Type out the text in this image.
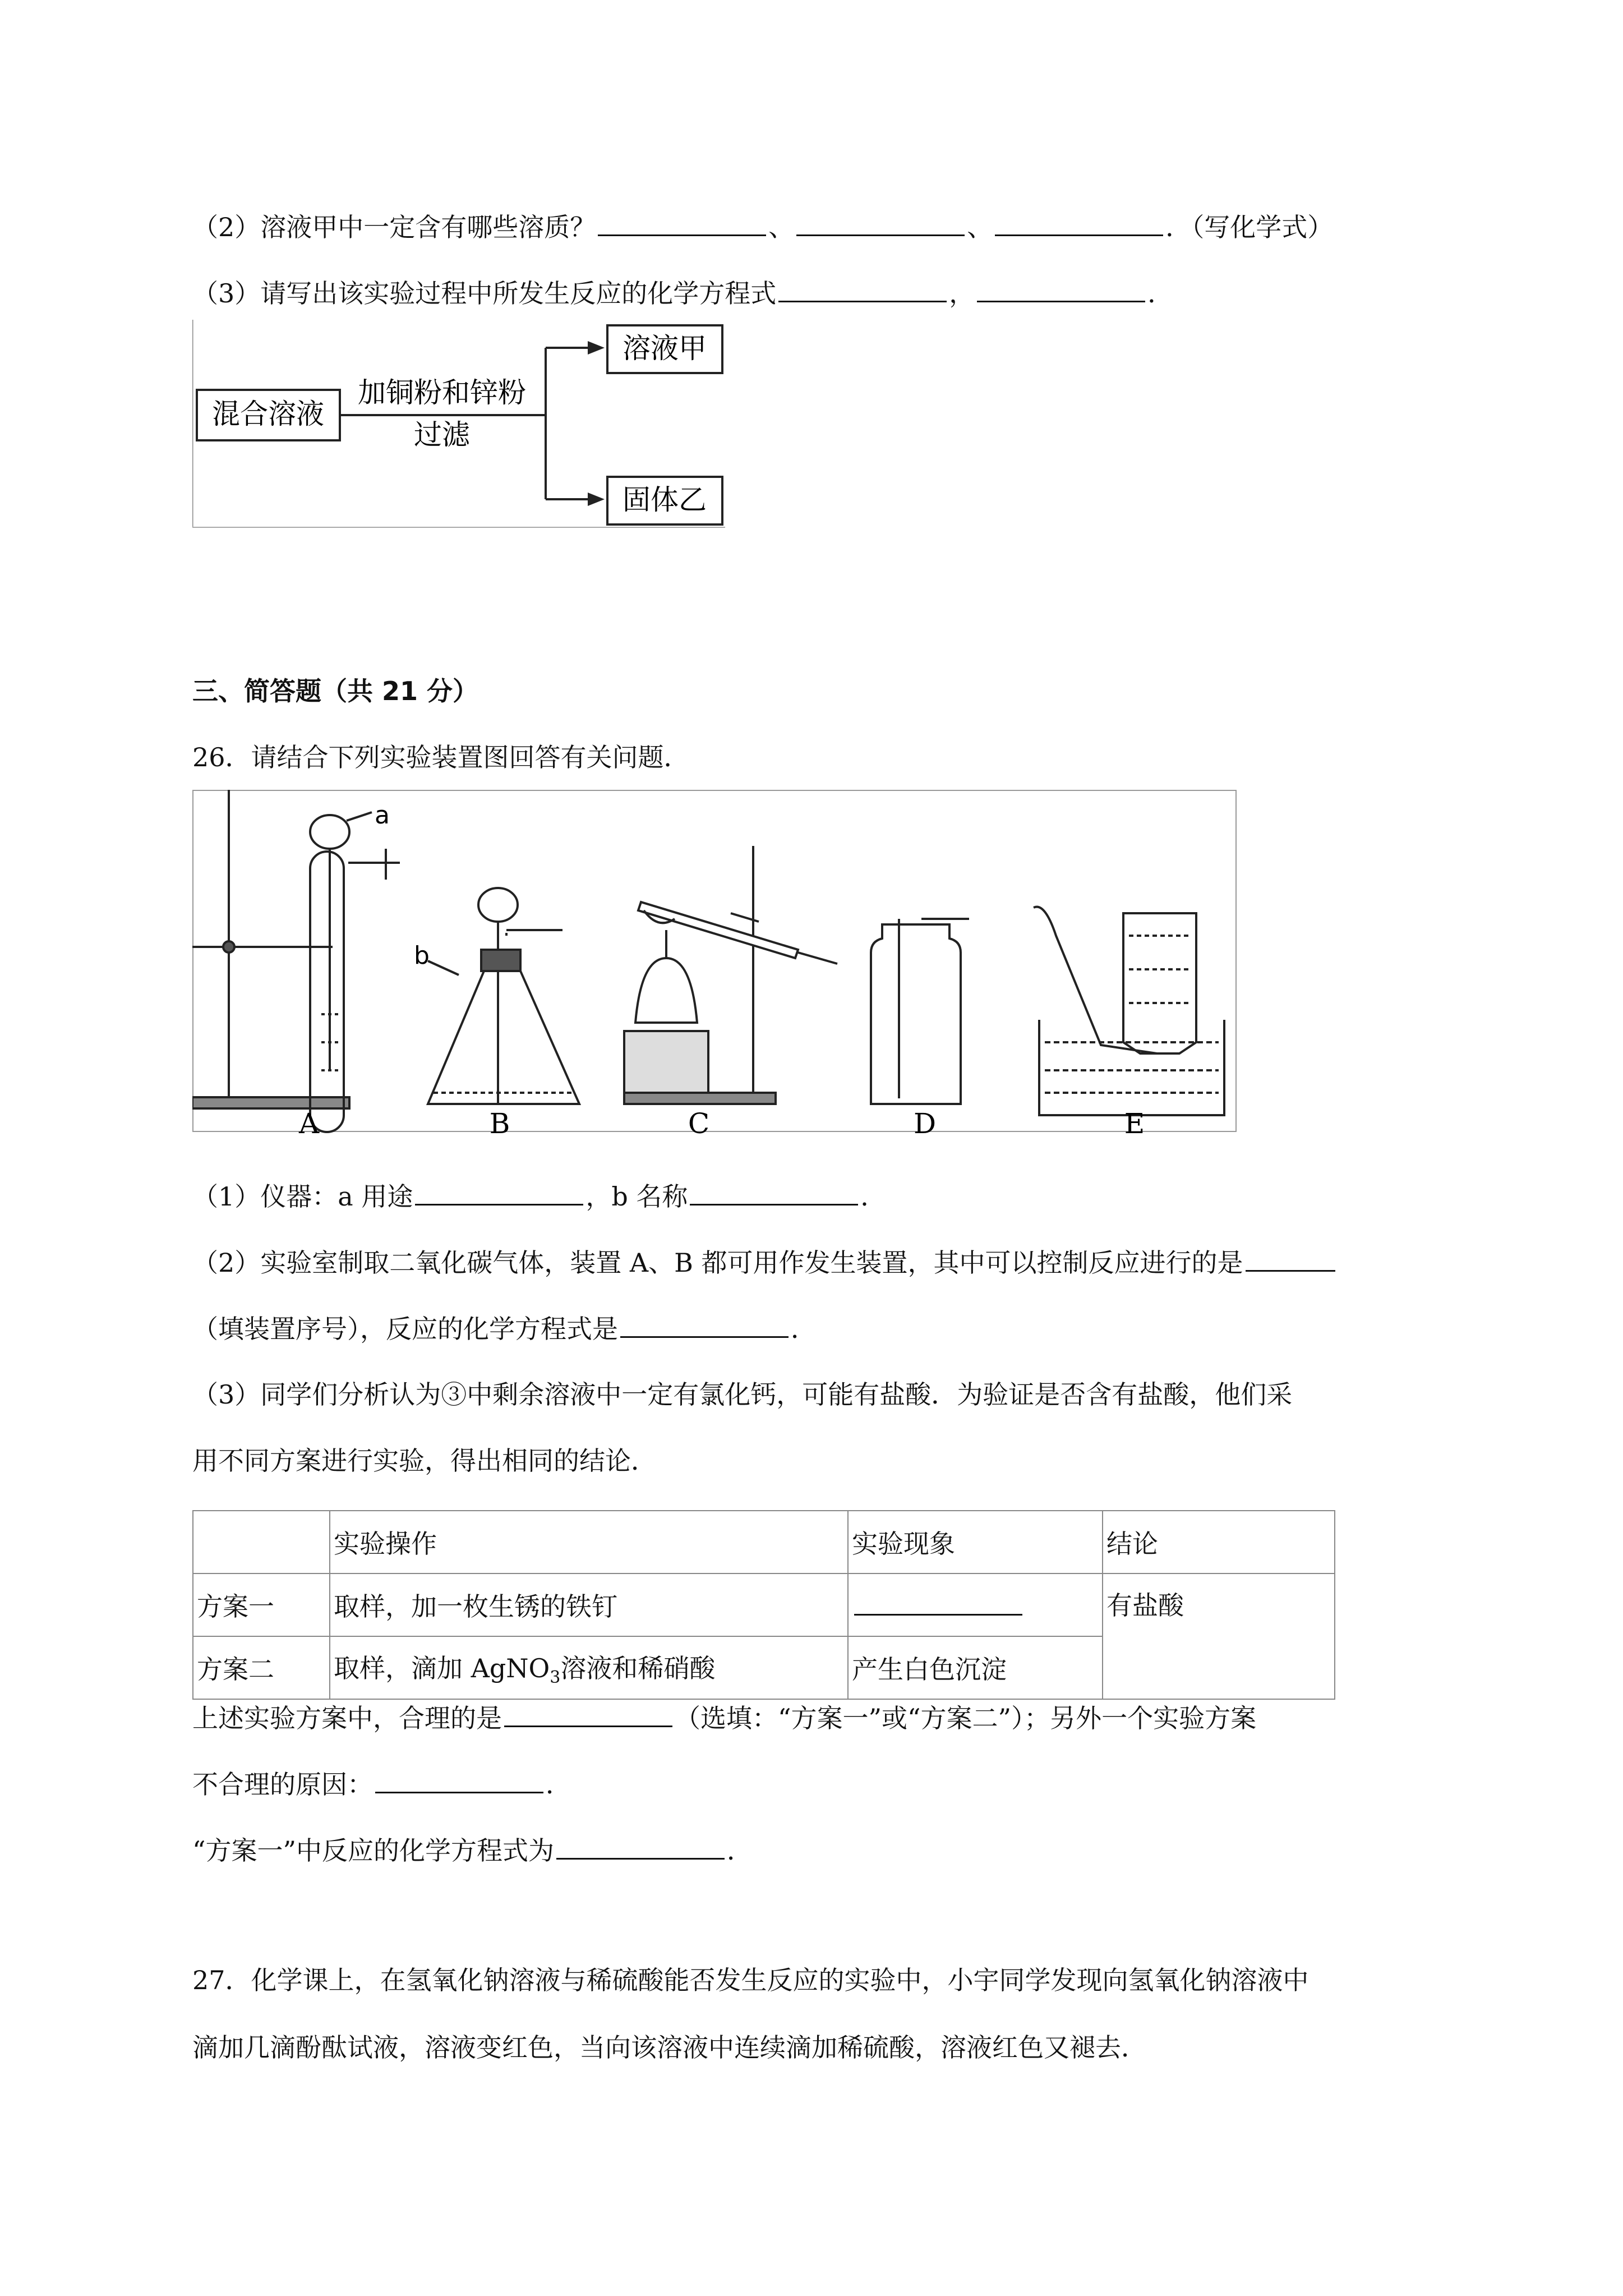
（2）溶液甲中一定含有哪些溶质？	、	、	．（写化学式）
（3）请写出该实验过程中所发生反应的化学方程式	，	．
混合溶液
加铜粉和锌粉
过滤
溶液甲
固体乙
三、简答题（共 21 分）
26．请结合下列实验装置图回答有关问题．
a
b
A	B	C	D	E
（1）仪器：a 用途	，b 名称	．
（2）实验室制取二氧化碳气体，装置 A、B 都可用作发生装置，其中可以控制反应进行的是
（填装置序号），反应的化学方程式是	．
（3）同学们分析认为③中剩余溶液中一定有氯化钙，可能有盐酸．为验证是否含有盐酸，他们采
用不同方案进行实验，得出相同的结论．
	实验操作	实验现象	结论
方案一	取样，加一枚生锈的铁钉		有盐酸
方案二	取样，滴加 AgNO$_3$溶液和稀硝酸	产生白色沉淀	
上述实验方案中，合理的是	（选填：“方案一”或“方案二”）；另外一个实验方案
不合理的原因：	．
“方案一”中反应的化学方程式为	．
27．化学课上，在氢氧化钠溶液与稀硫酸能否发生反应的实验中，小宇同学发现向氢氧化钠溶液中
滴加几滴酚酞试液，溶液变红色，当向该溶液中连续滴加稀硫酸，溶液红色又褪去．
